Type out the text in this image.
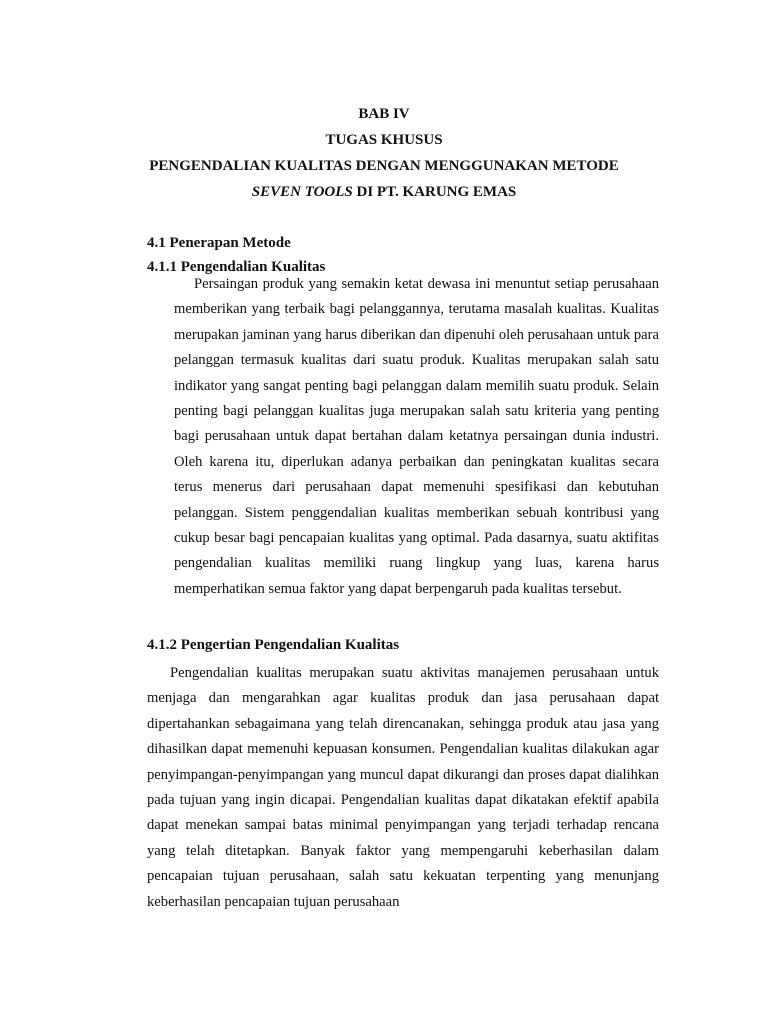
BAB IV
TUGAS KHUSUS
PENGENDALIAN KUALITAS DENGAN MENGGUNAKAN METODE
SEVEN TOOLS DI PT. KARUNG EMAS
4.1 Penerapan Metode
4.1.1 Pengendalian Kualitas

Persaingan produk yang semakin ketat dewasa ini menuntut setiap perusahaan memberikan yang terbaik bagi pelanggannya, terutama masalah kualitas. Kualitas merupakan jaminan yang harus diberikan dan dipenuhi oleh perusahaan untuk para pelanggan termasuk kualitas dari suatu produk. Kualitas merupakan salah satu indikator yang sangat penting bagi pelanggan dalam memilih suatu produk. Selain penting bagi pelanggan kualitas juga merupakan salah satu kriteria yang penting bagi perusahaan untuk dapat bertahan dalam ketatnya persaingan dunia industri. Oleh karena itu, diperlukan adanya perbaikan dan peningkatan kualitas secara terus menerus dari perusahaan dapat memenuhi spesifikasi dan kebutuhan pelanggan. Sistem penggendalian kualitas memberikan sebuah kontribusi yang cukup besar bagi pencapaian kualitas yang optimal. Pada dasarnya, suatu aktifitas pengendalian kualitas memiliki ruang lingkup yang luas, karena harus memperhatikan semua faktor yang dapat berpengaruh pada kualitas tersebut.

4.1.2 Pengertian Pengendalian Kualitas

Pengendalian kualitas merupakan suatu aktivitas manajemen perusahaan untuk menjaga dan mengarahkan agar kualitas produk dan jasa perusahaan dapat dipertahankan sebagaimana yang telah direncanakan, sehingga produk atau jasa yang dihasilkan dapat memenuhi kepuasan konsumen. Pengendalian kualitas dilakukan agar penyimpangan-penyimpangan yang muncul dapat dikurangi dan proses dapat dialihkan pada tujuan yang ingin dicapai. Pengendalian kualitas dapat dikatakan efektif apabila dapat menekan sampai batas minimal penyimpangan yang terjadi terhadap rencana yang telah ditetapkan. Banyak faktor yang mempengaruhi keberhasilan dalam pencapaian tujuan perusahaan, salah satu kekuatan terpenting yang menunjang keberhasilan pencapaian tujuan perusahaan
